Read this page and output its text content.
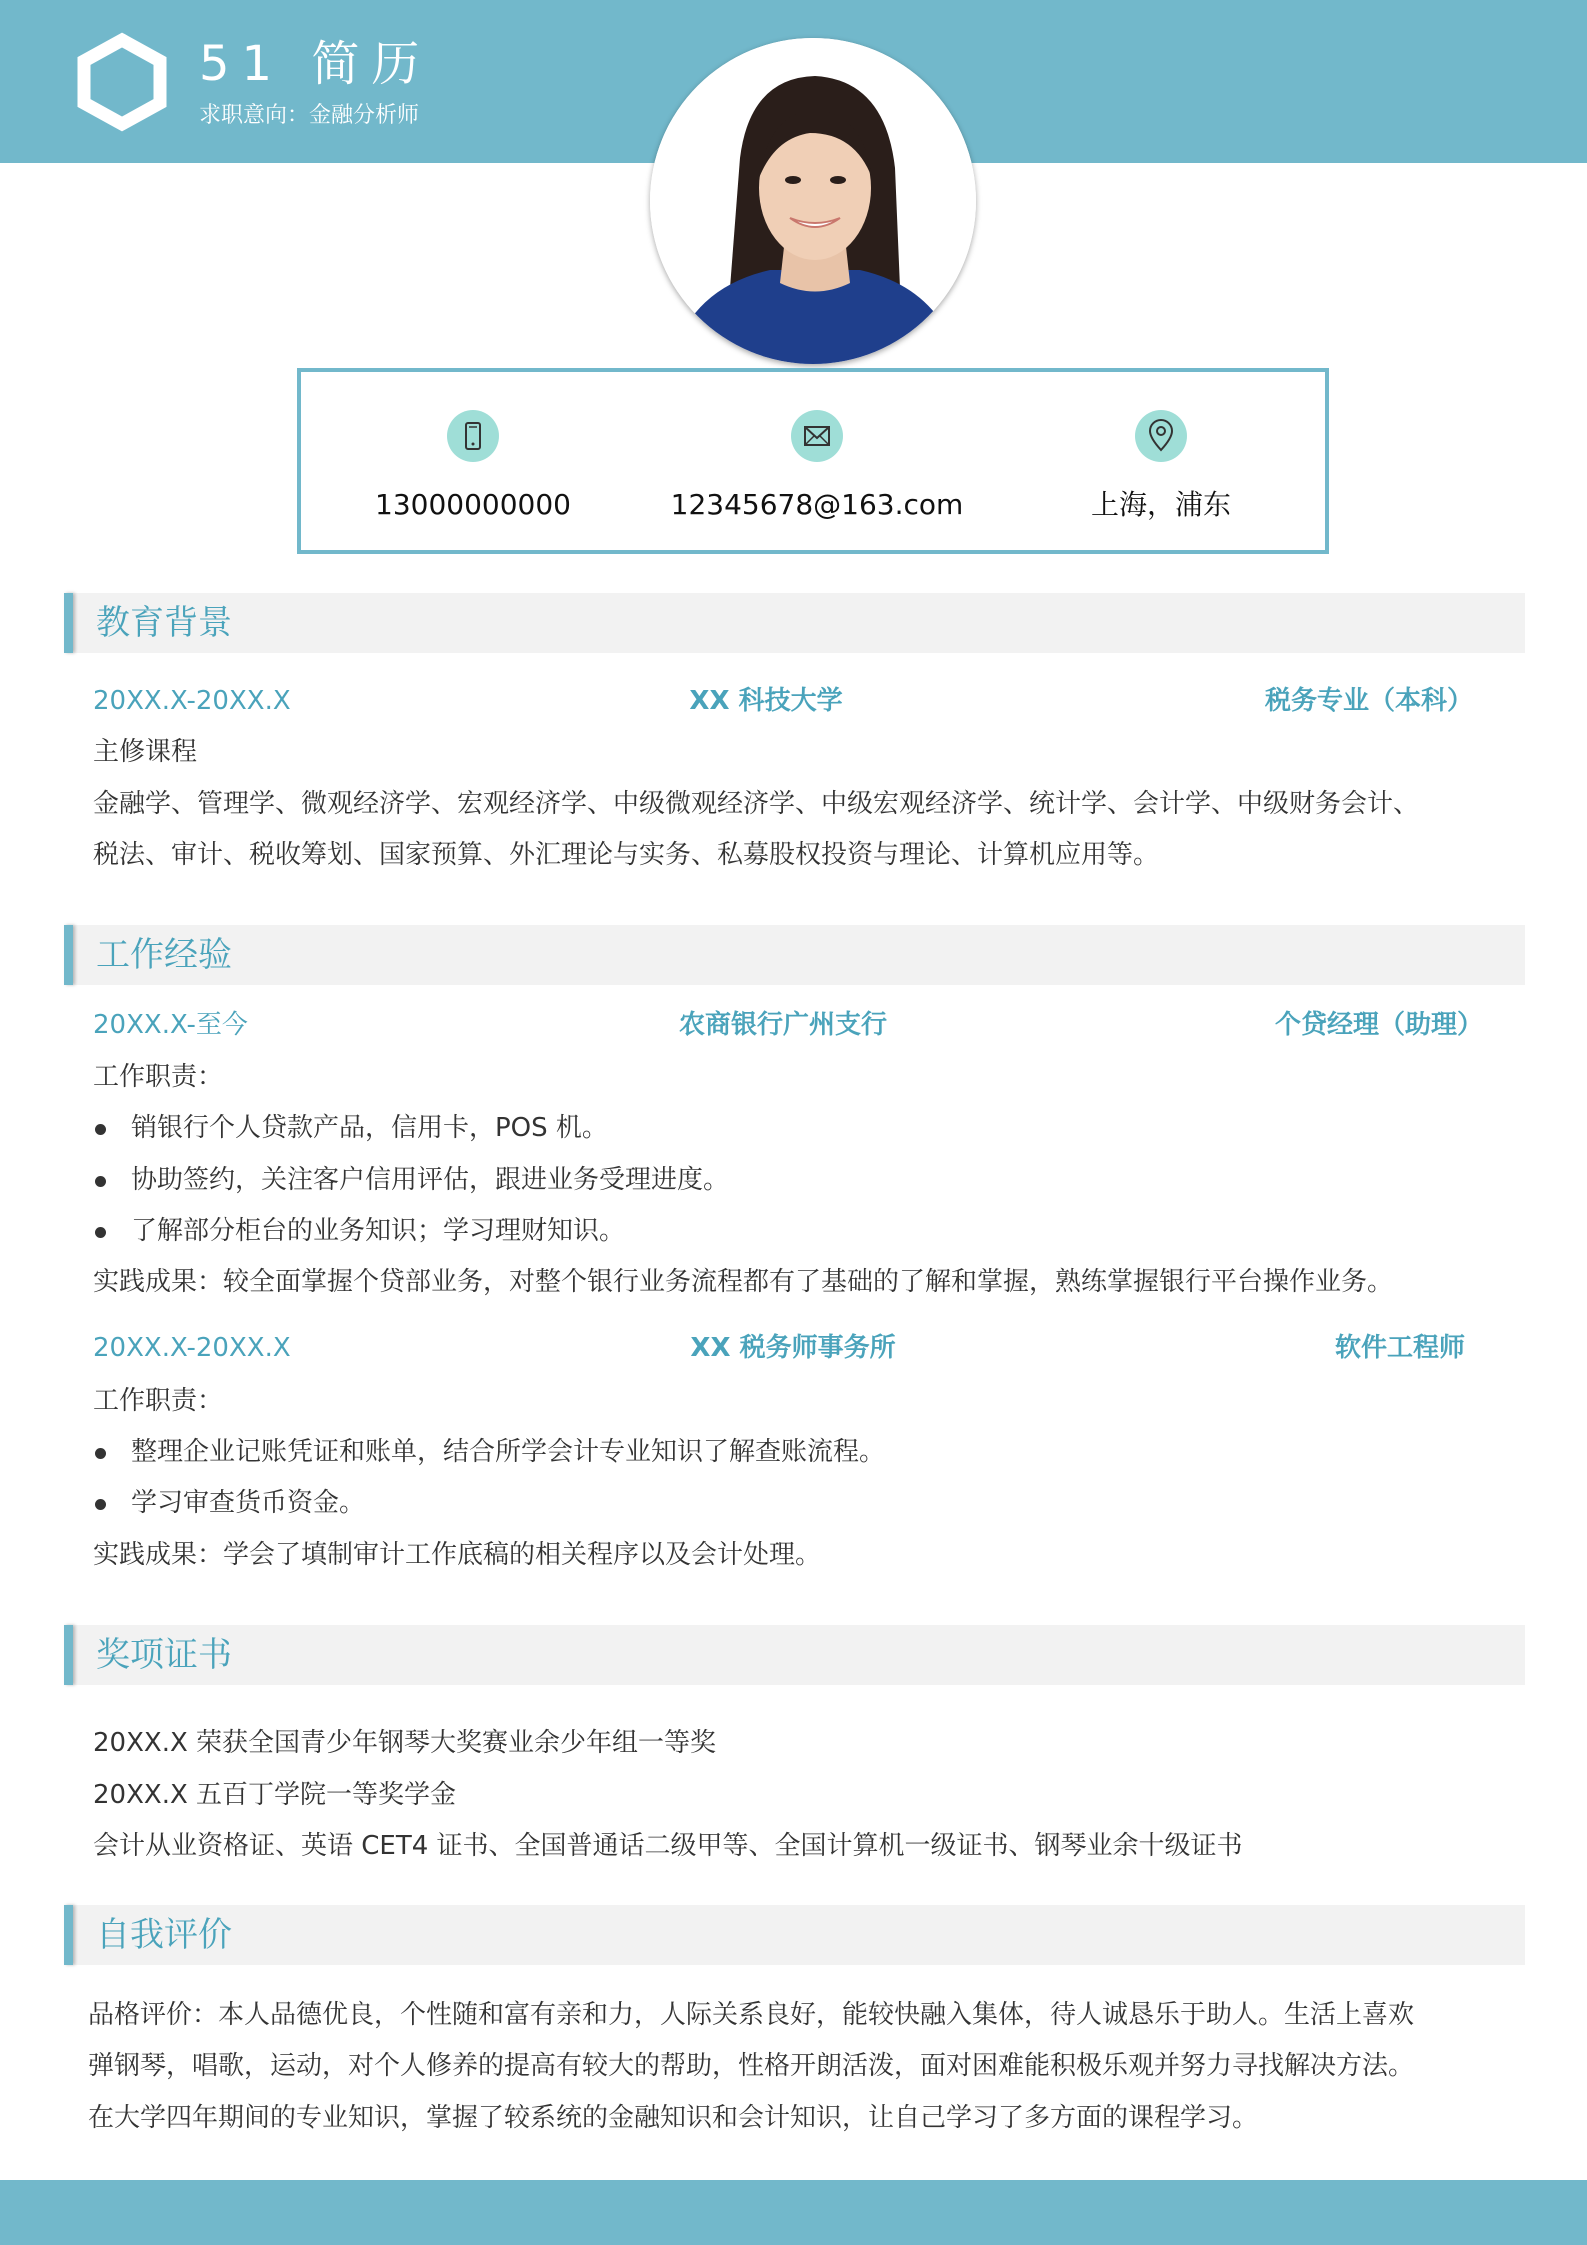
51 简历
求职意向：金融分析师
13000000000	12345678@163.com	上海，浦东
教育背景
20XX.X-20XX.X	XX 科技大学	税务专业（本科）
主修课程
金融学、管理学、微观经济学、宏观经济学、中级微观经济学、中级宏观经济学、统计学、会计学、中级财务会计、
税法、审计、税收筹划、国家预算、外汇理论与实务、私募股权投资与理论、计算机应用等。
工作经验
20XX.X-至今	农商银行广州支行	个贷经理（助理）
工作职责：
销银行个人贷款产品，信用卡，POS 机。
协助签约，关注客户信用评估，跟进业务受理进度。
了解部分柜台的业务知识；学习理财知识。
实践成果：较全面掌握个贷部业务，对整个银行业务流程都有了基础的了解和掌握，熟练掌握银行平台操作业务。
20XX.X-20XX.X	XX 税务师事务所	软件工程师
工作职责：
整理企业记账凭证和账单，结合所学会计专业知识了解查账流程。
学习审查货币资金。
实践成果：学会了填制审计工作底稿的相关程序以及会计处理。
奖项证书
20XX.X 荣获全国青少年钢琴大奖赛业余少年组一等奖
20XX.X 五百丁学院一等奖学金
会计从业资格证、英语 CET4 证书、全国普通话二级甲等、全国计算机一级证书、钢琴业余十级证书
自我评价
品格评价：本人品德优良，个性随和富有亲和力，人际关系良好，能较快融入集体，待人诚恳乐于助人。生活上喜欢
弹钢琴，唱歌，运动，对个人修养的提高有较大的帮助，性格开朗活泼，面对困难能积极乐观并努力寻找解决方法。
在大学四年期间的专业知识，掌握了较系统的金融知识和会计知识，让自己学习了多方面的课程学习。
